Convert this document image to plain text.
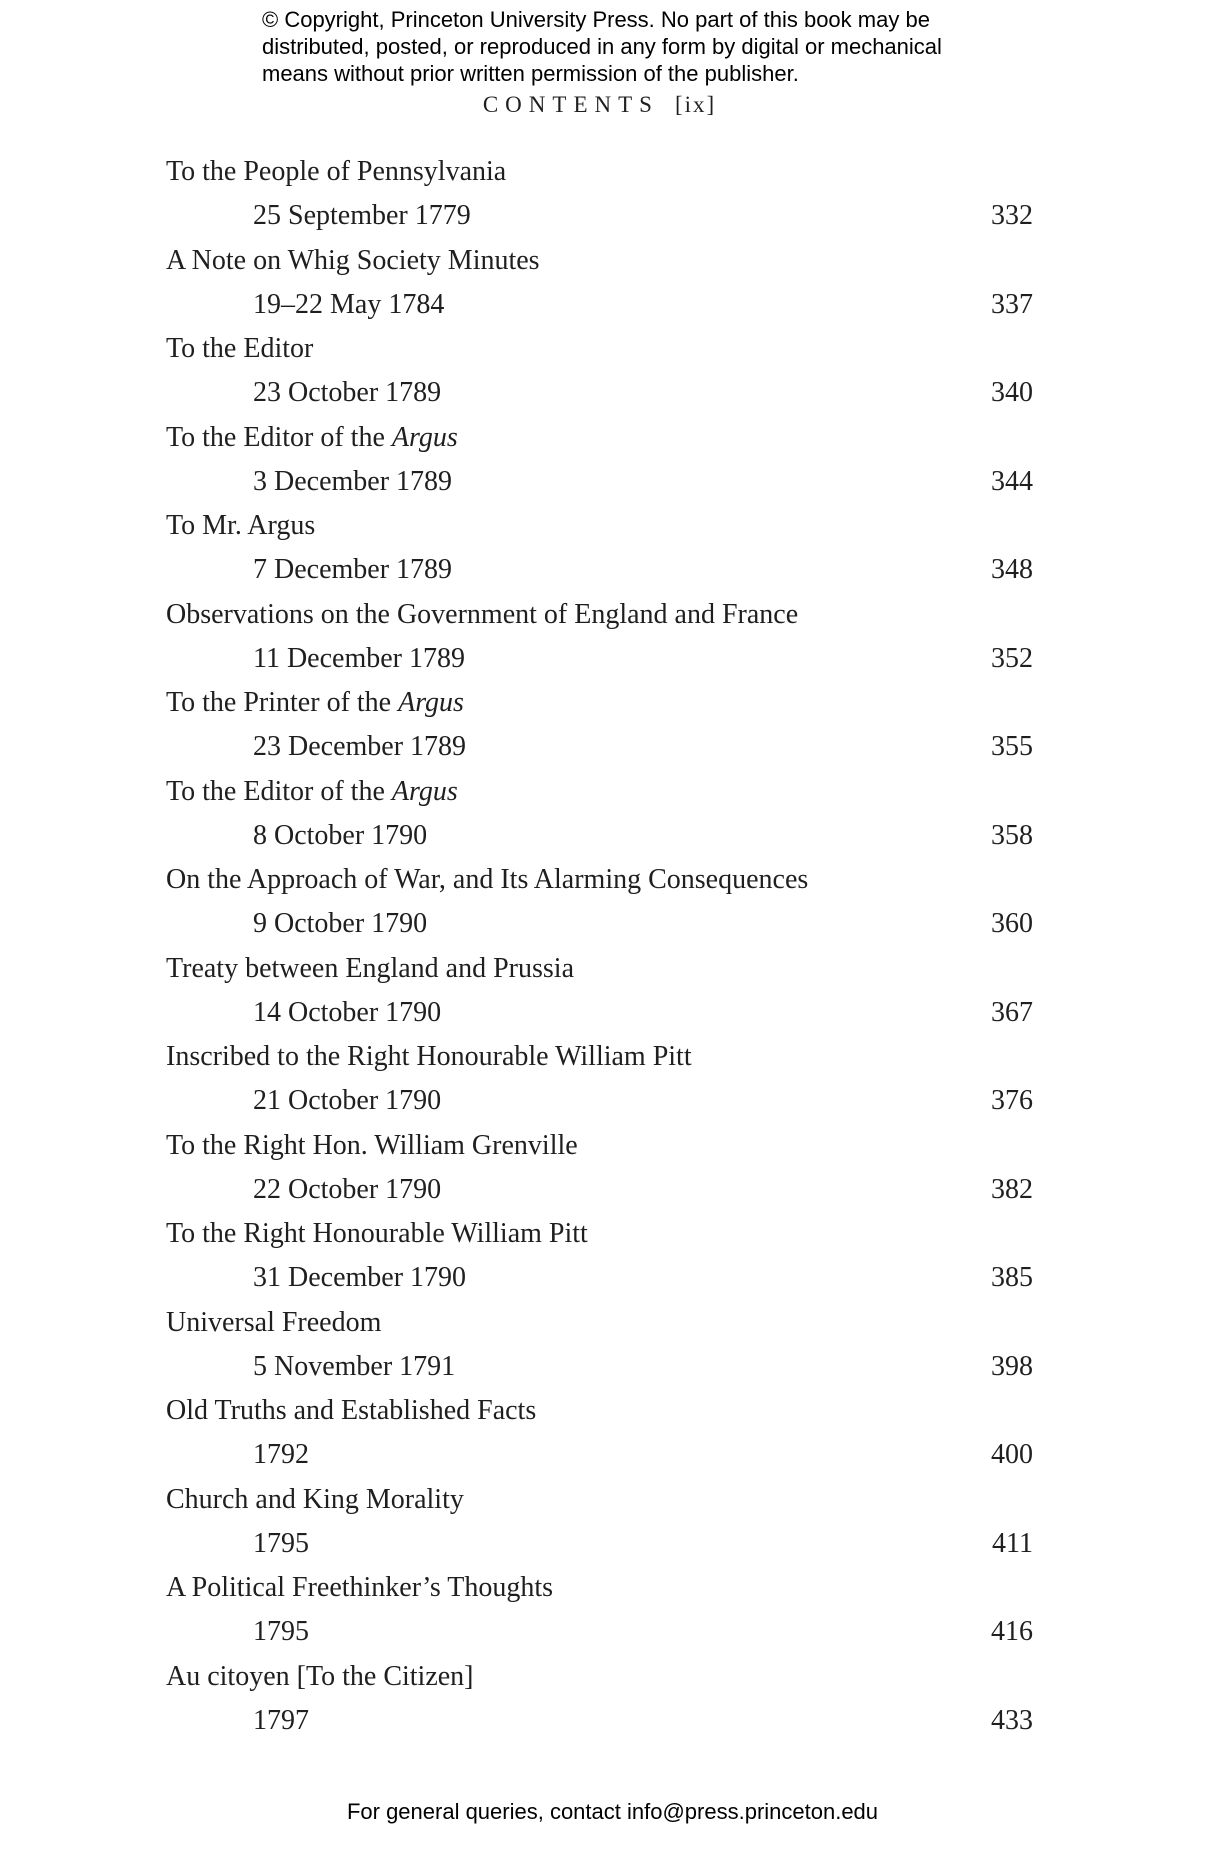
© Copyright, Princeton University Press. No part of this book may be
distributed, posted, or reproduced in any form by digital or mechanical
means without prior written permission of the publisher.
CONTENTS [ix]
To the People of Pennsylvania
25 September 1779	332
A Note on Whig Society Minutes
19–22 May 1784	337
To the Editor
23 October 1789	340
To the Editor of the Argus
3 December 1789	344
To Mr. Argus
7 December 1789	348
Observations on the Government of England and France
11 December 1789	352
To the Printer of the Argus
23 December 1789	355
To the Editor of the Argus
8 October 1790	358
On the Approach of War, and Its Alarming Consequences
9 October 1790	360
Treaty between England and Prussia
14 October 1790	367
Inscribed to the Right Honourable William Pitt
21 October 1790	376
To the Right Hon. William Grenville
22 October 1790	382
To the Right Honourable William Pitt
31 December 1790	385
Universal Freedom
5 November 1791	398
Old Truths and Established Facts
1792	400
Church and King Morality
1795	411
A Political Freethinker’s Thoughts
1795	416
Au citoyen [To the Citizen]
1797	433
For general queries, contact info@press.princeton.edu
